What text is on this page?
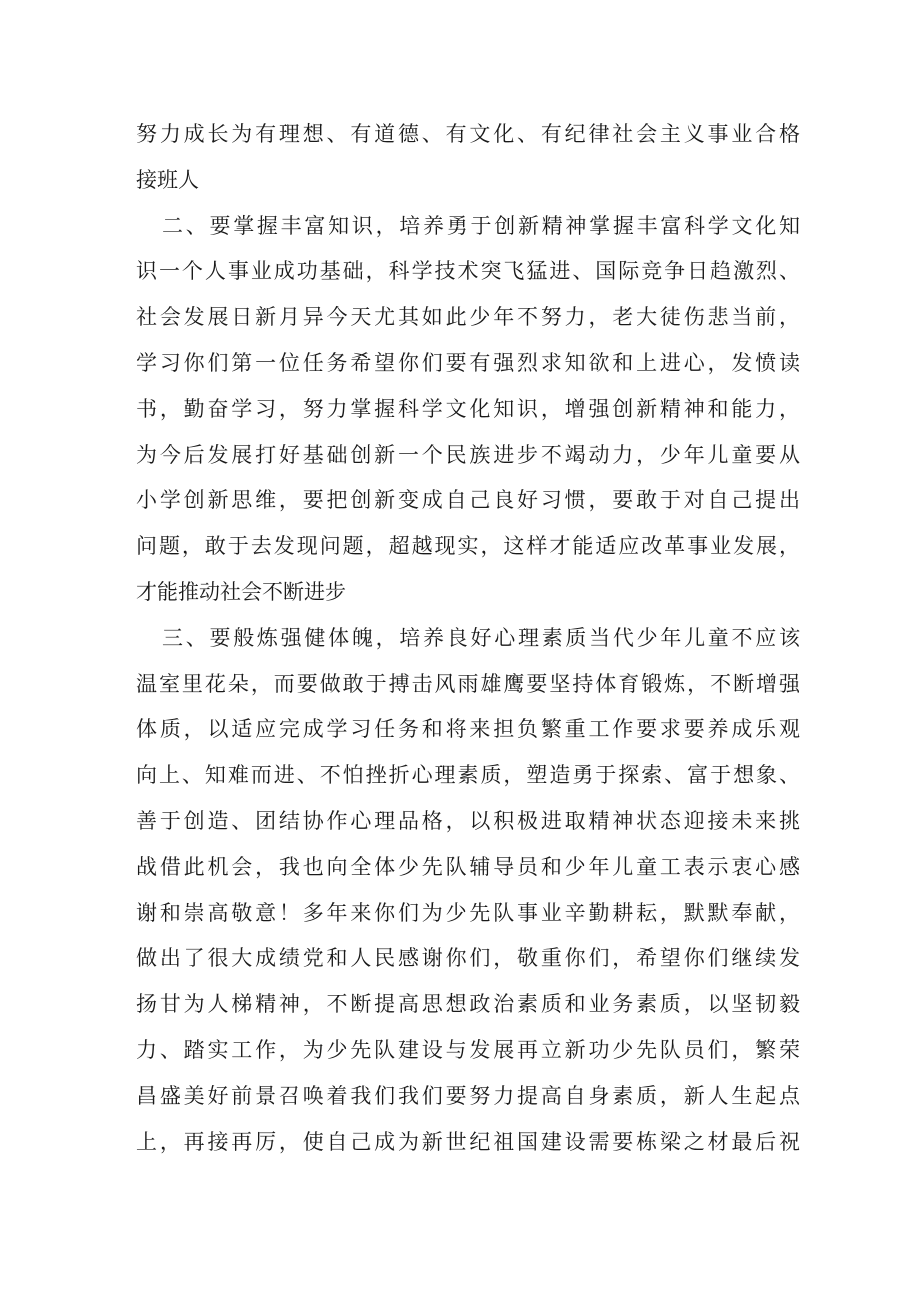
努力成长为有理想、有道德、有文化、有纪律社会主义事业合格
接班人
二、要掌握丰富知识，培养勇于创新精神掌握丰富科学文化知
识一个人事业成功基础，科学技术突飞猛进、国际竞争日趋激烈、
社会发展日新月异今天尤其如此少年不努力，老大徒伤悲当前，
学习你们第一位任务希望你们要有强烈求知欲和上进心，发愤读
书，勤奋学习，努力掌握科学文化知识，增强创新精神和能力，
为今后发展打好基础创新一个民族进步不竭动力，少年儿童要从
小学创新思维，要把创新变成自己良好习惯，要敢于对自己提出
问题，敢于去发现问题，超越现实，这样才能适应改革事业发展，
才能推动社会不断进步
三、要般炼强健体魄，培养良好心理素质当代少年儿童不应该
温室里花朵，而要做敢于搏击风雨雄鹰要坚持体育锻炼，不断增强
体质，以适应完成学习任务和将来担负繁重工作要求要养成乐观
向上、知难而进、不怕挫折心理素质，塑造勇于探索、富于想象、
善于创造、团结协作心理品格，以积极进取精神状态迎接未来挑
战借此机会，我也向全体少先队辅导员和少年儿童工表示衷心感
谢和崇高敬意！多年来你们为少先队事业辛勤耕耘，默默奉献，
做出了很大成绩党和人民感谢你们，敬重你们，希望你们继续发
扬甘为人梯精神，不断提高思想政治素质和业务素质，以坚韧毅
力、踏实工作，为少先队建设与发展再立新功少先队员们，繁荣
昌盛美好前景召唤着我们我们要努力提高自身素质，新人生起点
上，再接再厉，使自己成为新世纪祖国建设需要栋梁之材最后祝
